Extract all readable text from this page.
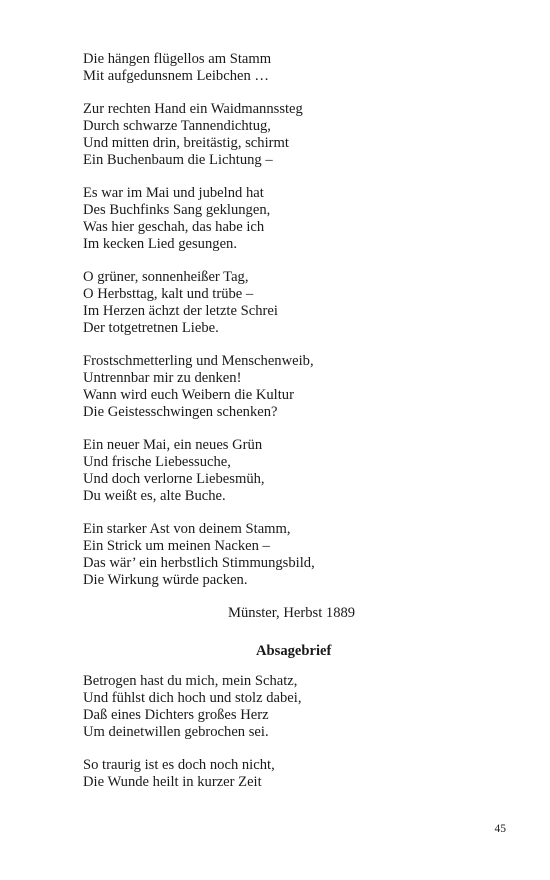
Die hängen flügellos am Stamm
Mit aufgedunsnem Leibchen …
Zur rechten Hand ein Waidmannssteg
Durch schwarze Tannendichtug,
Und mitten drin, breitästig, schirmt
Ein Buchenbaum die Lichtung –
Es war im Mai und jubelnd hat
Des Buchfinks Sang geklungen,
Was hier geschah, das habe ich
Im kecken Lied gesungen.
O grüner, sonnenheißer Tag,
O Herbsttag, kalt und trübe –
Im Herzen ächzt der letzte Schrei
Der totgetretnen Liebe.
Frostschmetterling und Menschenweib,
Untrennbar mir zu denken!
Wann wird euch Weibern die Kultur
Die Geistesschwingen schenken?
Ein neuer Mai, ein neues Grün
Und frische Liebessuche,
Und doch verlorne Liebesmüh,
Du weißt es, alte Buche.
Ein starker Ast von deinem Stamm,
Ein Strick um meinen Nacken –
Das wär’ ein herbstlich Stimmungsbild,
Die Wirkung würde packen.
Münster, Herbst 1889
Absagebrief
Betrogen hast du mich, mein Schatz,
Und fühlst dich hoch und stolz dabei,
Daß eines Dichters großes Herz
Um deinetwillen gebrochen sei.
So traurig ist es doch noch nicht,
Die Wunde heilt in kurzer Zeit
45
